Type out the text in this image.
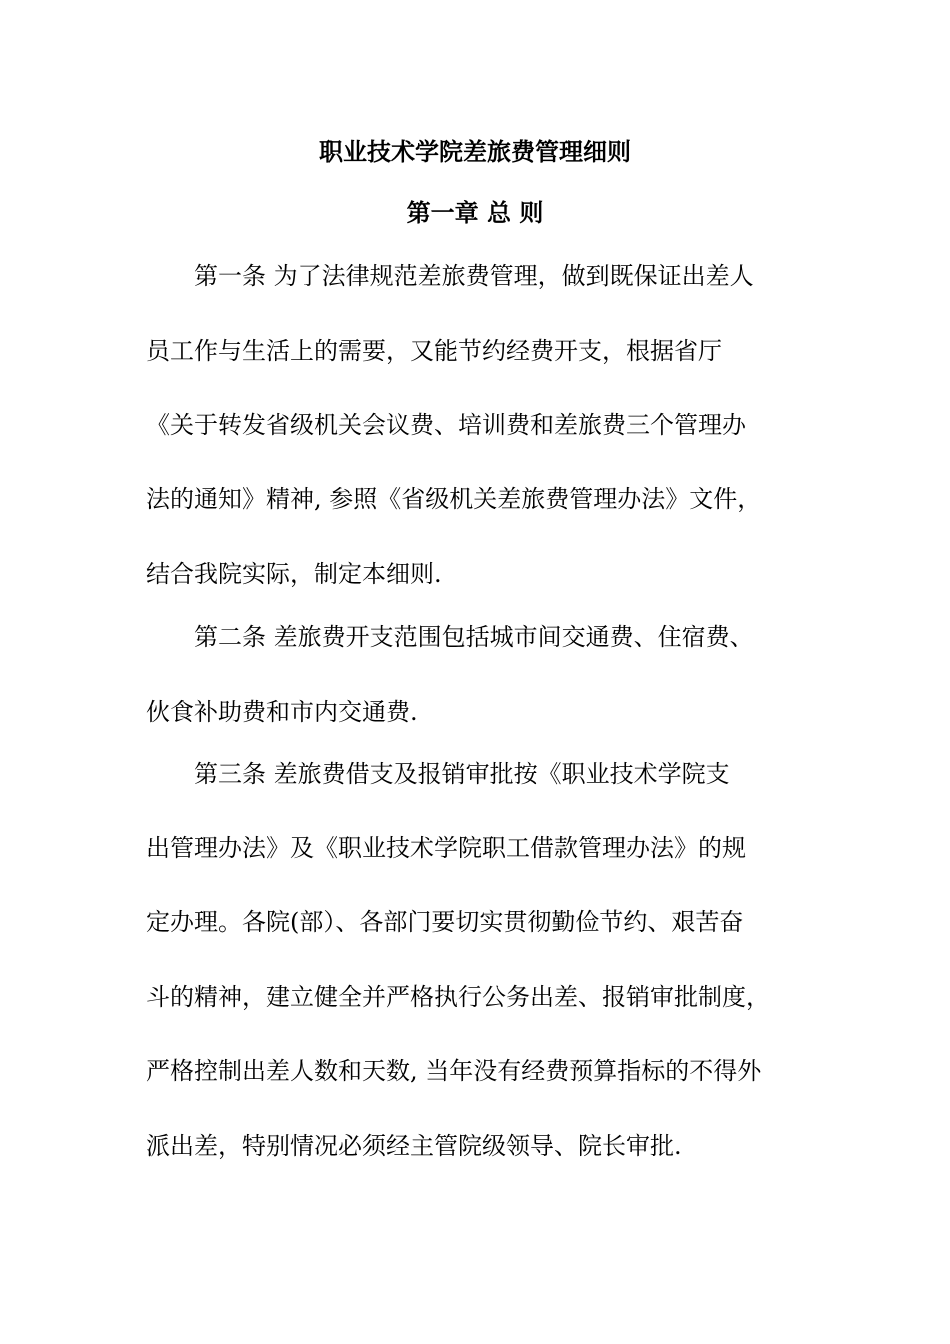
职业技术学院差旅费管理细则
第一章 总 则

第一条 为了法律规范差旅费管理，做到既保证出差人

员工作与生活上的需要，又能节约经费开支，根据省厅

《关于转发省级机关会议费、培训费和差旅费三个管理办

法的通知》精神, 参照《省级机关差旅费管理办法》文件，

结合我院实际，制定本细则.

第二条 差旅费开支范围包括城市间交通费、住宿费、

伙食补助费和市内交通费.

第三条 差旅费借支及报销审批按《职业技术学院支

出管理办法》及《职业技术学院职工借款管理办法》的规

定办理。各院(部）、各部门要切实贯彻勤俭节约、艰苦奋

斗的精神，建立健全并严格执行公务出差、报销审批制度，

严格控制出差人数和天数, 当年没有经费预算指标的不得外

派出差，特别情况必须经主管院级领导、院长审批.
